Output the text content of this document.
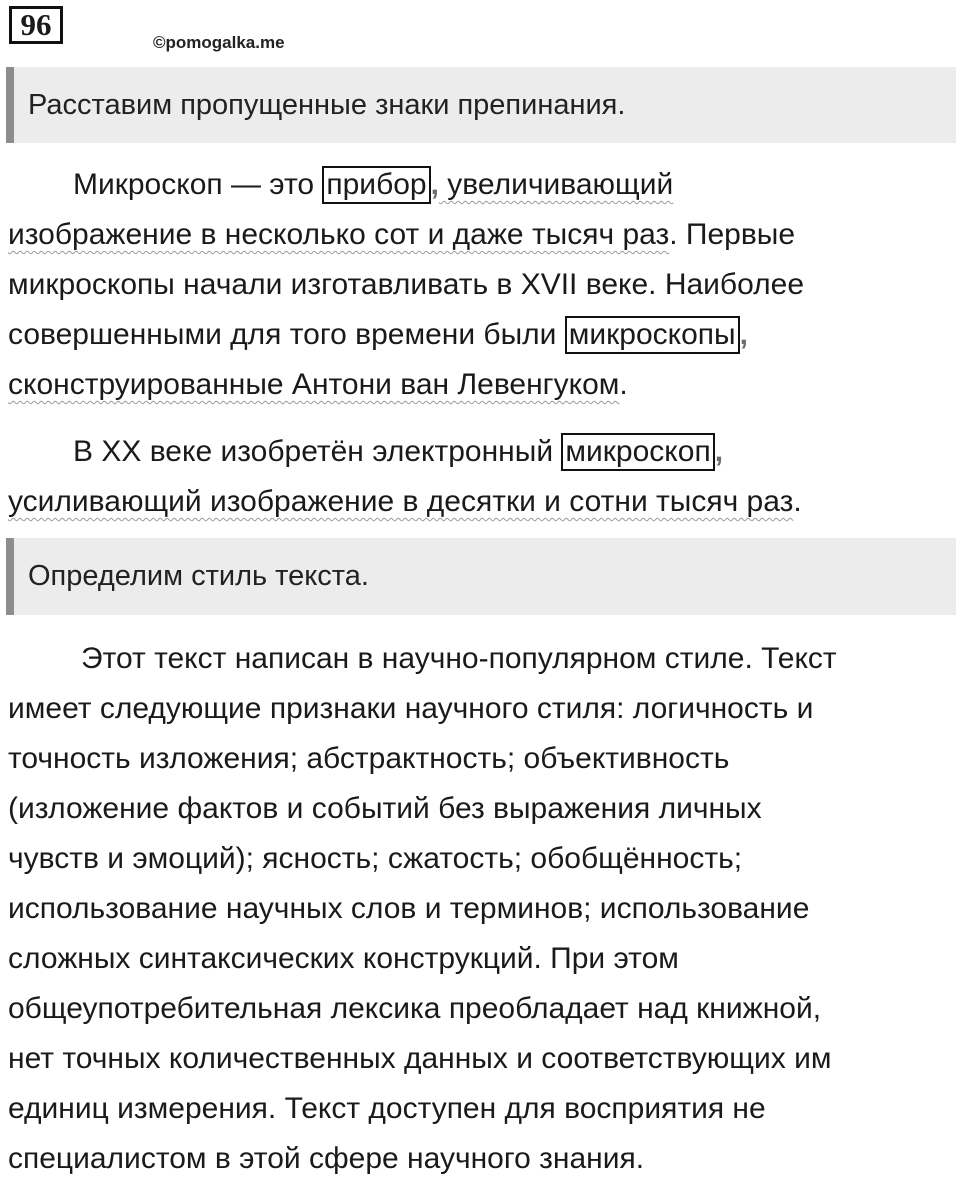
96
©pomogalka.me
Расставим пропущенные знаки препинания.
Микроскоп — это прибор , увеличивающий
изображение в несколько сот и даже тысяч раз. Первые
микроскопы начали изготавливать в XVII веке. Наиболее
совершенными для того времени были микроскопы ,
сконструированные Антони ван Левенгуком.
В XX веке изобретён электронный микроскоп ,
усиливающий изображение в десятки и сотни тысяч раз.
Определим стиль текста.
Этот текст написан в научно-популярном стиле. Текст
имеет следующие признаки научного стиля: логичность и
точность изложения; абстрактность; объективность
(изложение фактов и событий без выражения личных
чувств и эмоций); ясность; сжатость; обобщённость;
использование научных слов и терминов; использование
сложных синтаксических конструкций. При этом
общеупотребительная лексика преобладает над книжной,
нет точных количественных данных и соответствующих им
единиц измерения. Текст доступен для восприятия не
специалистом в этой сфере научного знания.
